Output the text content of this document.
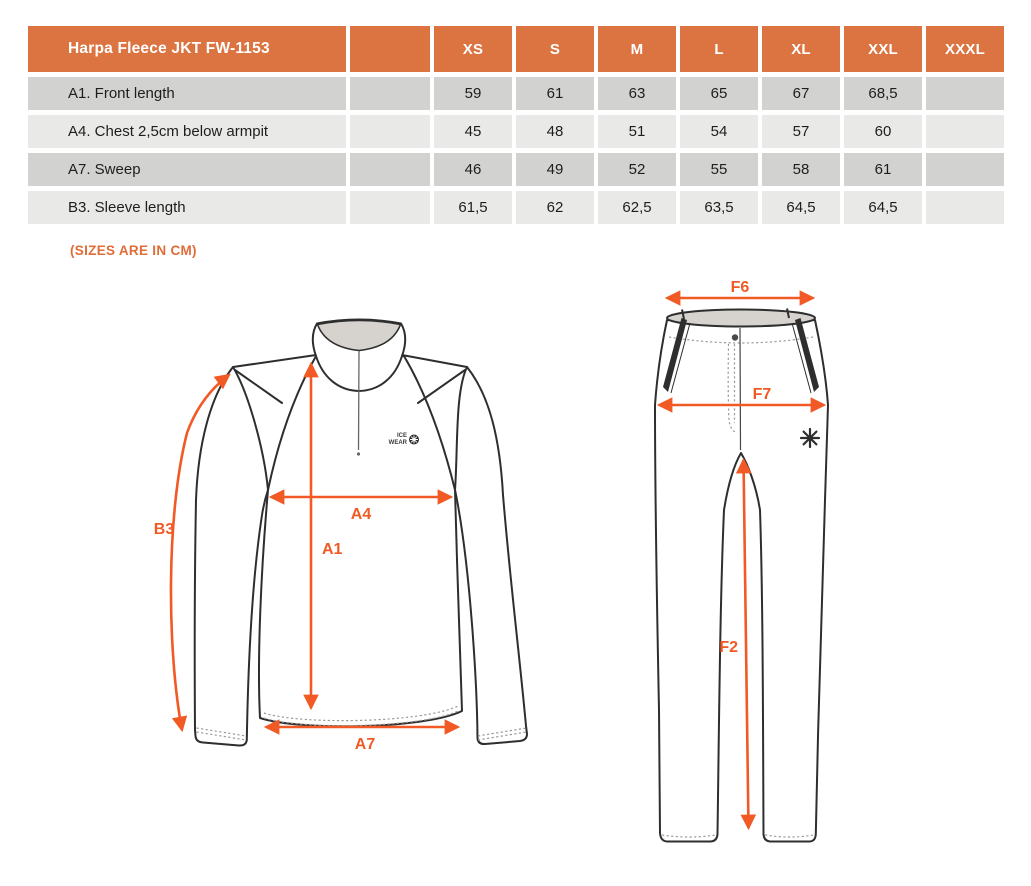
Harpa Fleece JKT FW-1153	XS	S	M	L	XL	XXL	XXXL
A1. Front length	59	61	63	65	67	68,5
A4. Chest 2,5cm below armpit	45	48	51	54	57	60
A7. Sweep	46	49	52	55	58	61
B3. Sleeve length	61,5	62	62,5	63,5	64,5	64,5
(SIZES ARE IN CM)
ICE
WEAR
B3
A4
A1
A7
F6
F7
F2
